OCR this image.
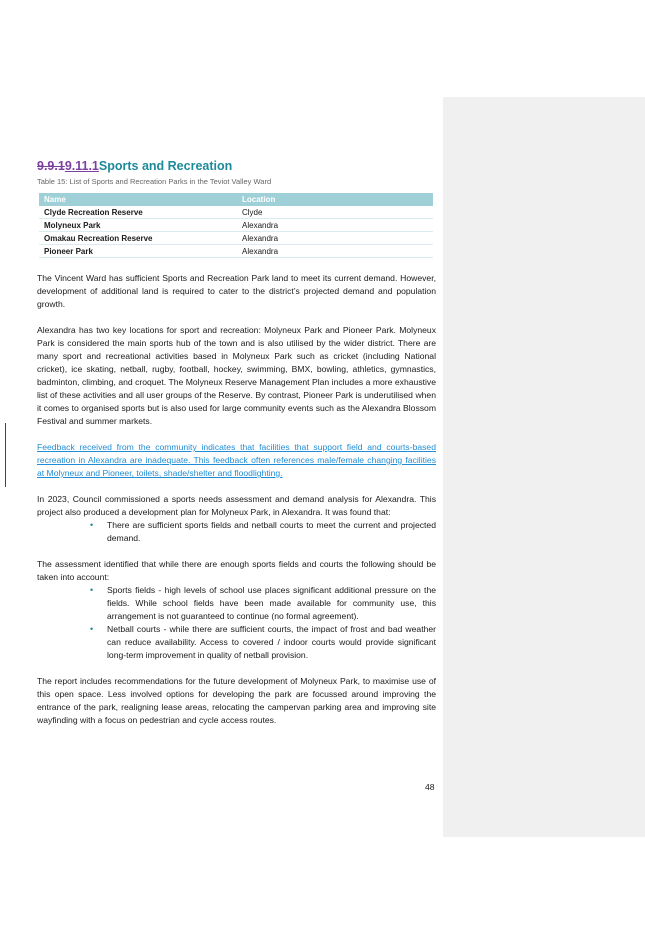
9.9.19.11.1Sports and Recreation
Table 15: List of Sports and Recreation Parks in the Teviot Valley Ward
Name	Location
Clyde Recreation Reserve	Clyde
Molyneux Park	Alexandra
Omakau Recreation Reserve	Alexandra
Pioneer Park	Alexandra

The Vincent Ward has sufficient Sports and Recreation Park land to meet its current demand. However, development of additional land is required to cater to the district’s projected demand and population growth.

Alexandra has two key locations for sport and recreation: Molyneux Park and Pioneer Park. Molyneux Park is considered the main sports hub of the town and is also utilised by the wider district. There are many sport and recreational activities based in Molyneux Park such as cricket (including National cricket), ice skating, netball, rugby, football, hockey, swimming, BMX, bowling, athletics, gymnastics, badminton, climbing, and croquet. The Molyneux Reserve Management Plan includes a more exhaustive list of these activities and all user groups of the Reserve. By contrast, Pioneer Park is underutilised when it comes to organised sports but is also used for large community events such as the Alexandra Blossom Festival and summer markets.

Feedback received from the community indicates that facilities that support field and courts-based recreation in Alexandra are inadequate. This feedback often references male/female changing facilities at Molyneux and Pioneer, toilets, shade/shelter and floodlighting.

In 2023, Council commissioned a sports needs assessment and demand analysis for Alexandra. This project also produced a development plan for Molyneux Park, in Alexandra. It was found that:

• There are sufficient sports fields and netball courts to meet the current and projected demand.

The assessment identified that while there are enough sports fields and courts the following should be taken into account:

• Sports fields - high levels of school use places significant additional pressure on the fields. While school fields have been made available for community use, this arrangement is not guaranteed to continue (no formal agreement).
• Netball courts - while there are sufficient courts, the impact of frost and bad weather can reduce availability. Access to covered / indoor courts would provide significant long-term improvement in quality of netball provision.

The report includes recommendations for the future development of Molyneux Park, to maximise use of this open space. Less involved options for developing the park are focussed around improving the entrance of the park, realigning lease areas, relocating the campervan parking area and improving site wayfinding with a focus on pedestrian and cycle access routes.

48
